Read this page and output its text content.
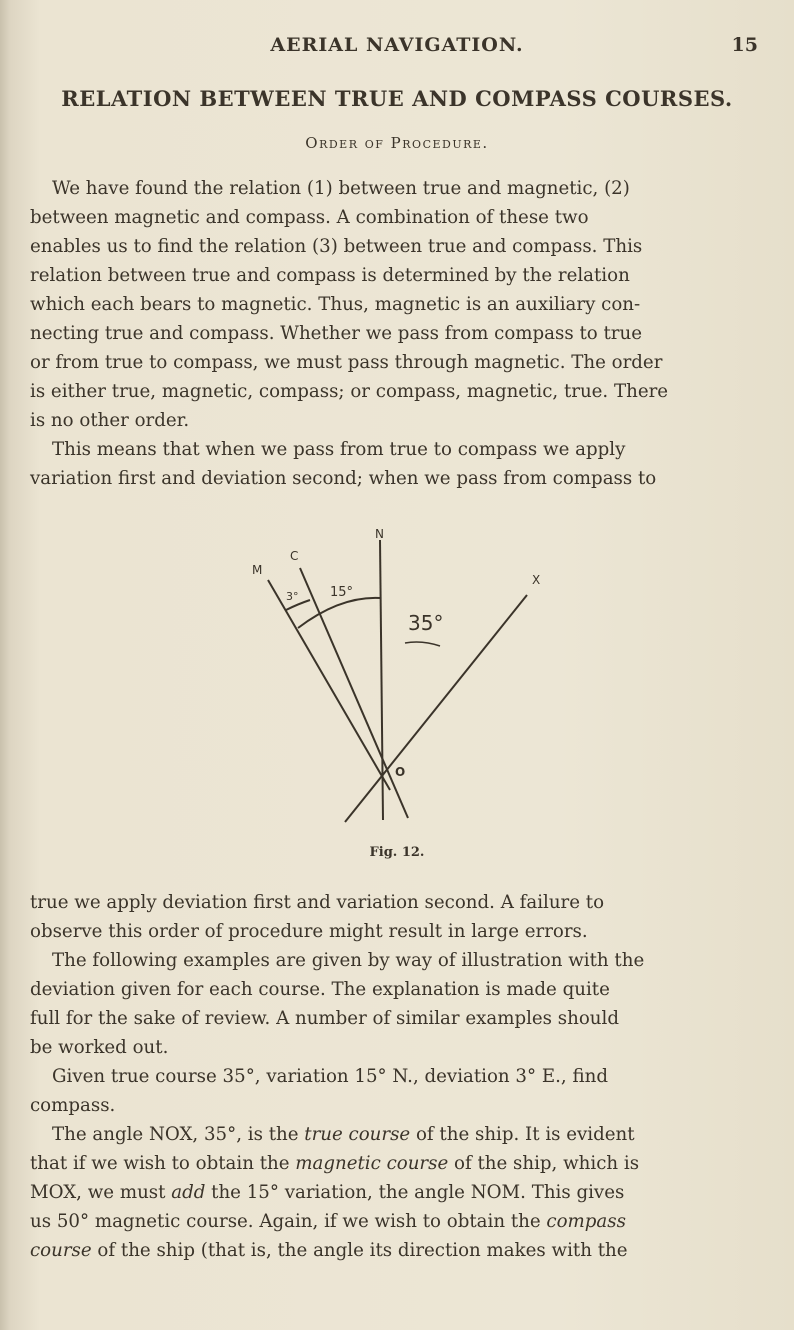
AERIAL NAVIGATION.	15
RELATION BETWEEN TRUE AND COMPASS COURSES.
Order of Procedure.
We have found the relation (1) between true and magnetic, (2)
between magnetic and compass. A combination of these two
enables us to find the relation (3) between true and compass. This
relation between true and compass is determined by the relation
which each bears to magnetic. Thus, magnetic is an auxiliary con-
necting true and compass. Whether we pass from compass to true
or from true to compass, we must pass through magnetic. The order
is either true, magnetic, compass; or compass, magnetic, true. There
is no other order.
This means that when we pass from true to compass we apply
variation first and deviation second; when we pass from compass to
M
C
N
X
O
3° 15°
35°
Fig. 12.
true we apply deviation first and variation second. A failure to
observe this order of procedure might result in large errors.
The following examples are given by way of illustration with the
deviation given for each course. The explanation is made quite
full for the sake of review. A number of similar examples should
be worked out.
Given true course 35°, variation 15° N., deviation 3° E., find
compass.
The angle NOX, 35°, is the true course of the ship. It is evident
that if we wish to obtain the magnetic course of the ship, which is
MOX, we must add the 15° variation, the angle NOM. This gives
us 50° magnetic course. Again, if we wish to obtain the compass
course of the ship (that is, the angle its direction makes with the
